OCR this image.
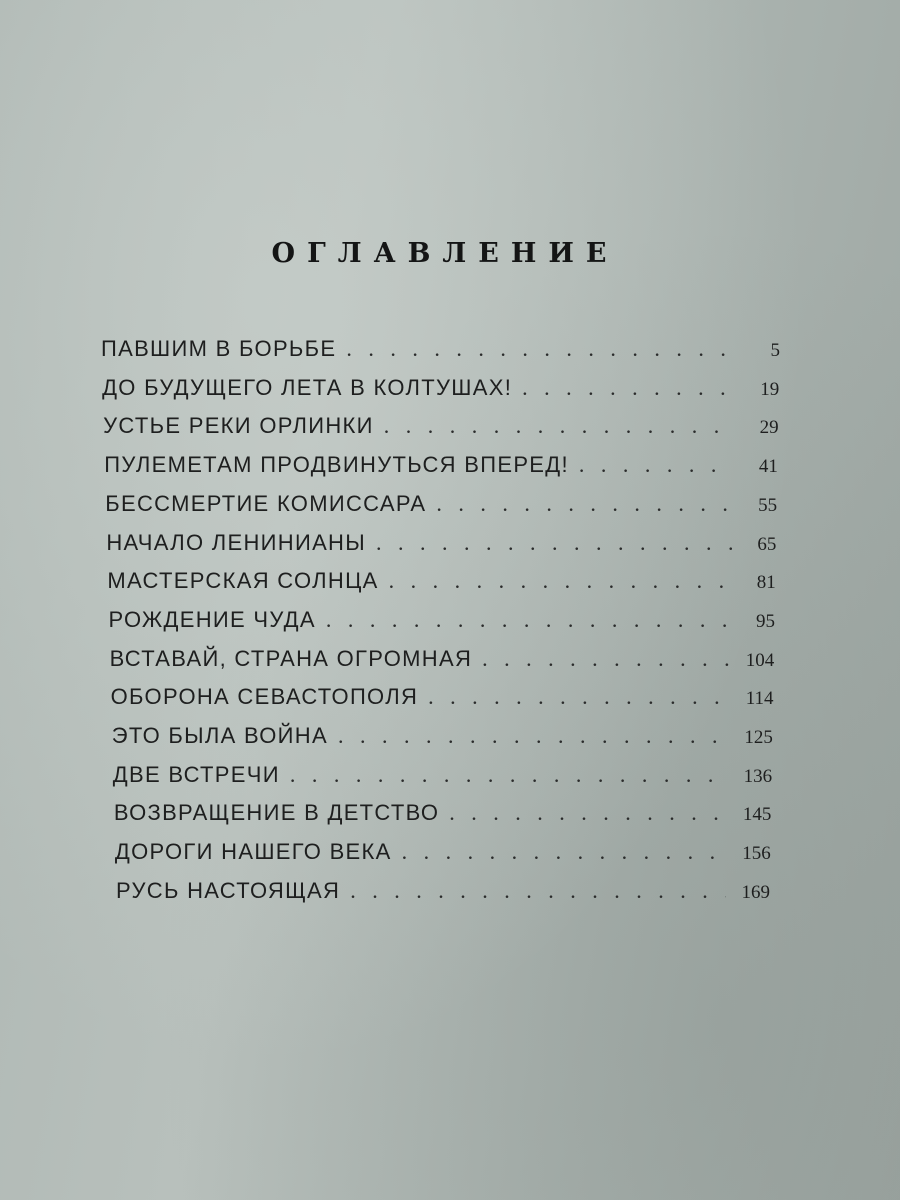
ОГЛАВЛЕНИЕ
ПАВШИМ В БОРЬБЕ . .	5
ДО БУДУЩЕГО ЛЕТА В КОЛТУШАХ! . .	19
УСТЬЕ РЕКИ ОРЛИНКИ . .	29
ПУЛЕМЕТАМ ПРОДВИНУТЬСЯ ВПЕРЕД! . .	41
БЕССМЕРТИЕ КОМИССАРА . .	55
НАЧАЛО ЛЕНИНИАНЫ . .	65
МАСТЕРСКАЯ СОЛНЦА . .	81
РОЖДЕНИЕ ЧУДА . .	95
ВСТАВАЙ, СТРАНА ОГРОМНАЯ . .	104
ОБОРОНА СЕВАСТОПОЛЯ . .	114
ЭТО БЫЛА ВОЙНА . .	125
ДВЕ ВСТРЕЧИ . .	136
ВОЗВРАЩЕНИЕ В ДЕТСТВО . .	145
ДОРОГИ НАШЕГО ВЕКА . .	156
РУСЬ НАСТОЯЩАЯ . .	169
